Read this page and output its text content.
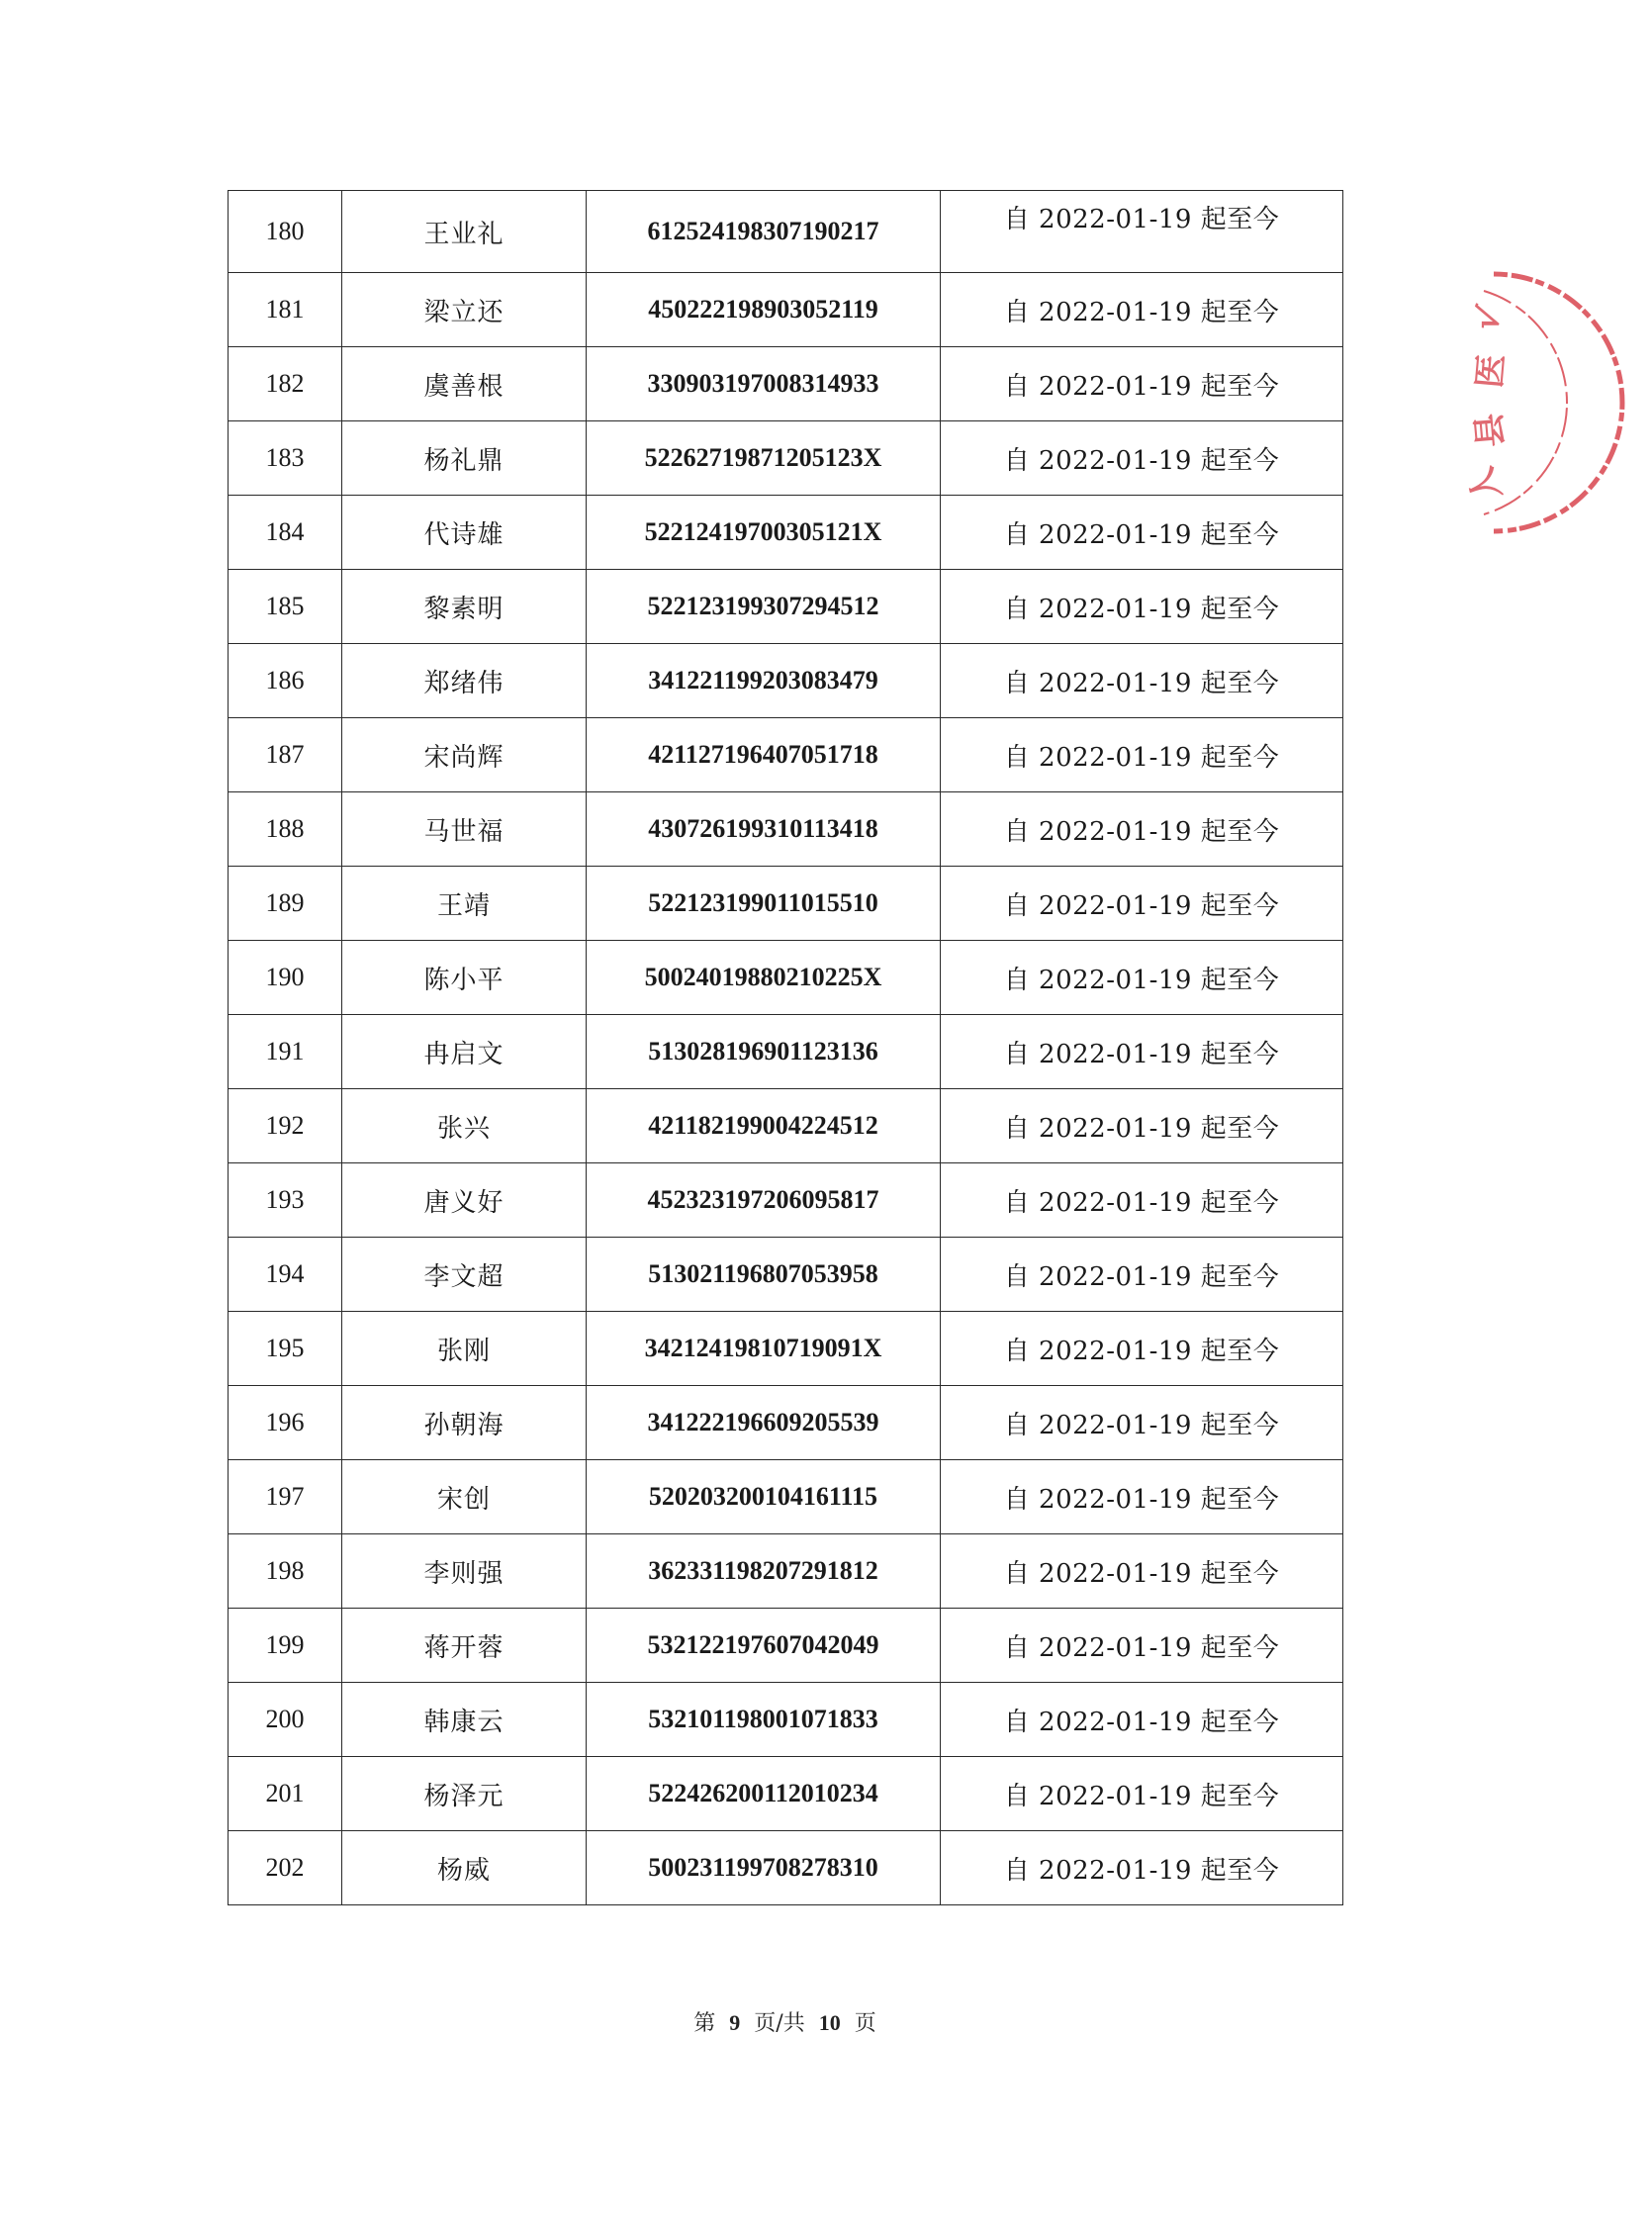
180	王业礼	612524198307190217	自 2022-01-19 起至今
181	梁立还	450222198903052119	自 2022-01-19 起至今
182	虞善根	330903197008314933	自 2022-01-19 起至今
183	杨礼鼎	52262719871205123X	自 2022-01-19 起至今
184	代诗雄	52212419700305121X	自 2022-01-19 起至今
185	黎素明	522123199307294512	自 2022-01-19 起至今
186	郑绪伟	341221199203083479	自 2022-01-19 起至今
187	宋尚辉	421127196407051718	自 2022-01-19 起至今
188	马世福	430726199310113418	自 2022-01-19 起至今
189	王靖	522123199011015510	自 2022-01-19 起至今
190	陈小平	50024019880210225X	自 2022-01-19 起至今
191	冉启文	513028196901123136	自 2022-01-19 起至今
192	张兴	421182199004224512	自 2022-01-19 起至今
193	唐义好	452323197206095817	自 2022-01-19 起至今
194	李文超	513021196807053958	自 2022-01-19 起至今
195	张刚	34212419810719091X	自 2022-01-19 起至今
196	孙朝海	341222196609205539	自 2022-01-19 起至今
197	宋创	520203200104161115	自 2022-01-19 起至今
198	李则强	362331198207291812	自 2022-01-19 起至今
199	蒋开蓉	532122197607042049	自 2022-01-19 起至今
200	韩康云	532101198001071833	自 2022-01-19 起至今
201	杨泽元	522426200112010234	自 2022-01-19 起至今
202	杨威	500231199708278310	自 2022-01-19 起至今
√
医
县
人
第 9 页/共 10 页
